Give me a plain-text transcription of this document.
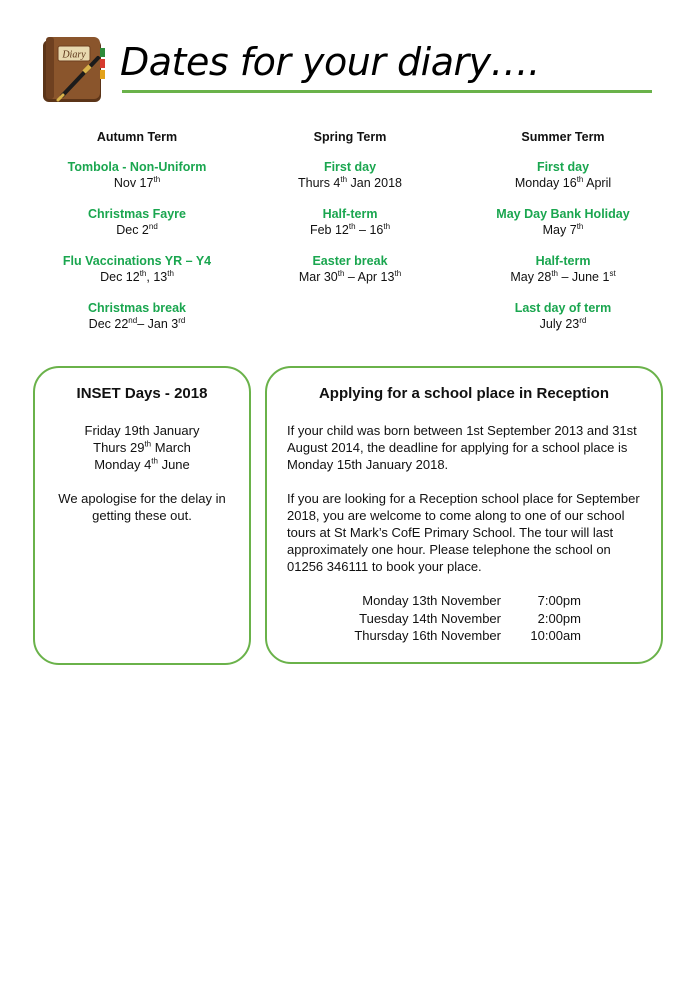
Diary Dates for your diary….
Autumn Term
Tombola - Non-Uniform
Nov 17th
Christmas Fayre
Dec 2nd
Flu Vaccinations YR – Y4
Dec 12th, 13th
Christmas break
Dec 22nd– Jan 3rd
Spring Term
First day
Thurs 4th Jan 2018
Half-term
Feb 12th – 16th
Easter break
Mar 30th – Apr 13th
Summer Term
First day
Monday 16th April
May Day Bank Holiday
May 7th
Half-term
May 28th – June 1st
Last day of term
July 23rd
INSET Days - 2018
Friday 19th January
Thurs 29th March
Monday 4th June
We apologise for the delay in getting these out.
Applying for a school place in Reception
If your child was born between 1st September 2013 and 31st August 2014, the deadline for applying for a school place is Monday 15th January 2018.
If you are looking for a Reception school place for September 2018, you are welcome to come along to one of our school tours at St Mark’s CofE Primary School. The tour will last approximately one hour. Please telephone the school on 01256 346111 to book your place.
Monday 13th November	7:00pm
Tuesday 14th November	2:00pm
Thursday 16th November	10:00am
